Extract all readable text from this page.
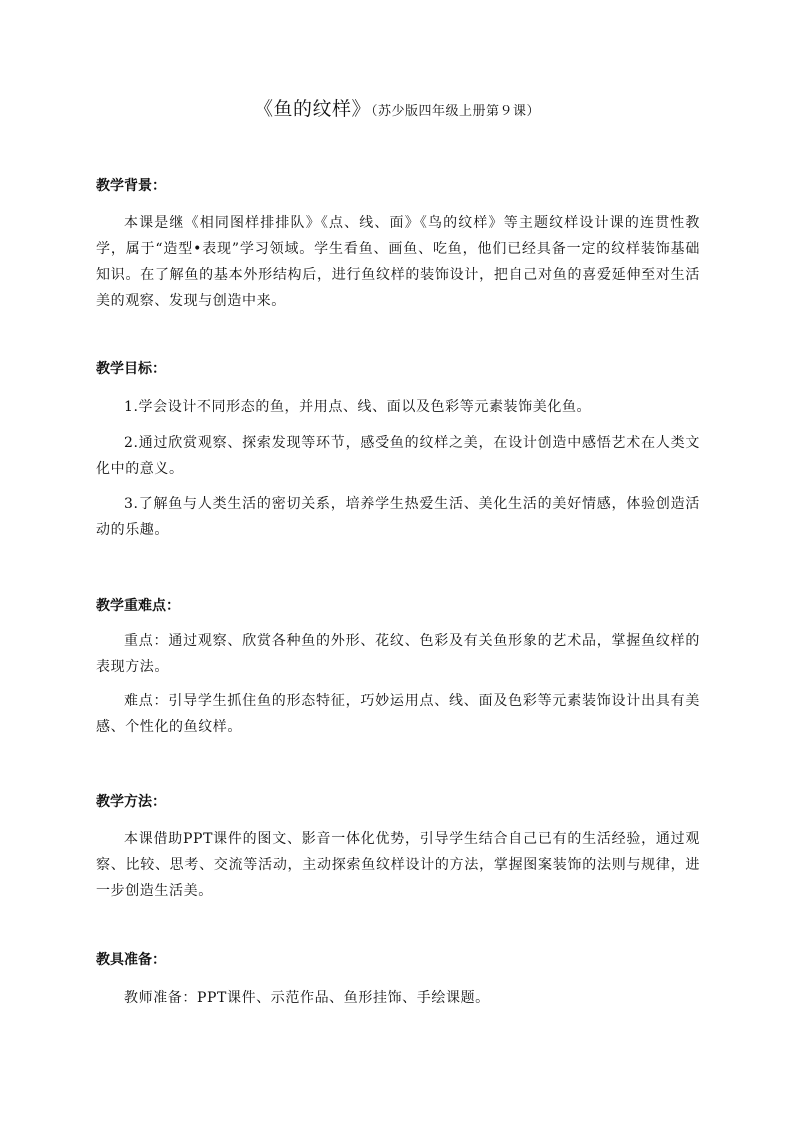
《鱼的纹样》（苏少版四年级上册第９课）
教学背景：
本课是继《相同图样排排队》《点、线、面》《鸟的纹样》等主题纹样设计课的连贯性教学，属于“造型•表现”学习领域。学生看鱼、画鱼、吃鱼，他们已经具备一定的纹样装饰基础知识。在了解鱼的基本外形结构后，进行鱼纹样的装饰设计，把自己对鱼的喜爱延伸至对生活美的观察、发现与创造中来。
教学目标：
1.学会设计不同形态的鱼，并用点、线、面以及色彩等元素装饰美化鱼。
2.通过欣赏观察、探索发现等环节，感受鱼的纹样之美，在设计创造中感悟艺术在人类文化中的意义。
3.了解鱼与人类生活的密切关系，培养学生热爱生活、美化生活的美好情感，体验创造活动的乐趣。
教学重难点：
重点：通过观察、欣赏各种鱼的外形、花纹、色彩及有关鱼形象的艺术品，掌握鱼纹样的表现方法。
难点：引导学生抓住鱼的形态特征，巧妙运用点、线、面及色彩等元素装饰设计出具有美感、个性化的鱼纹样。
教学方法：
本课借助PPT课件的图文、影音一体化优势，引导学生结合自己已有的生活经验，通过观察、比较、思考、交流等活动，主动探索鱼纹样设计的方法，掌握图案装饰的法则与规律，进一步创造生活美。
教具准备：
教师准备：PPT课件、示范作品、鱼形挂饰、手绘课题。
